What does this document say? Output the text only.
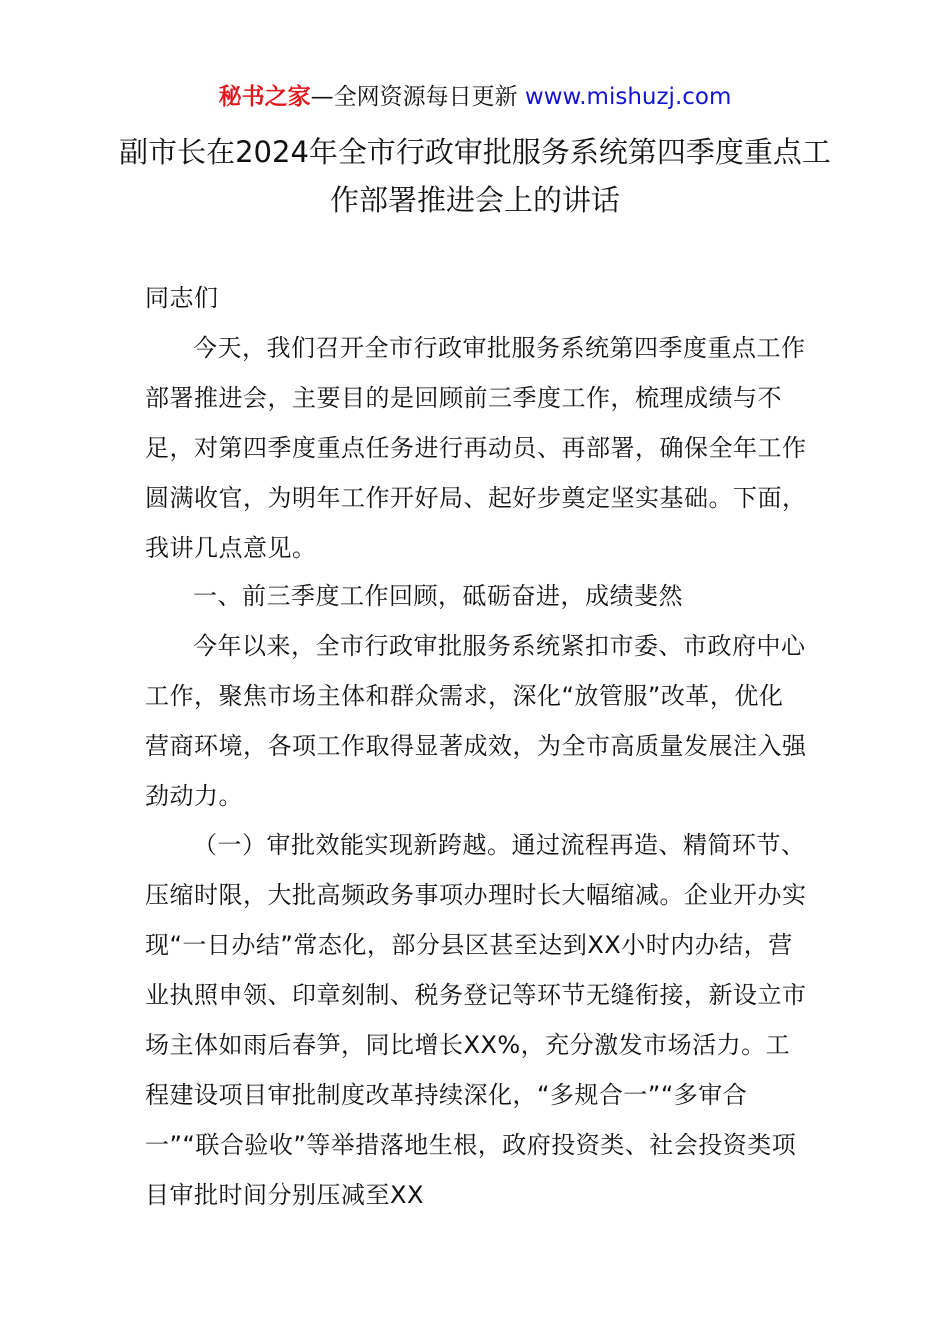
秘书之家—全网资源每日更新 www.mishuzj.com
副市长在2024年全市行政审批服务系统第四季度重点工作部署推进会上的讲话
同志们

今天，我们召开全市行政审批服务系统第四季度重点工作部署推进会，主要目的是回顾前三季度工作，梳理成绩与不足，对第四季度重点任务进行再动员、再部署，确保全年工作圆满收官，为明年工作开好局、起好步奠定坚实基础。下面，我讲几点意见。

一、前三季度工作回顾，砥砺奋进，成绩斐然

今年以来，全市行政审批服务系统紧扣市委、市政府中心工作，聚焦市场主体和群众需求，深化“放管服”改革，优化营商环境，各项工作取得显著成效，为全市高质量发展注入强劲动力。

（一）审批效能实现新跨越。通过流程再造、精简环节、压缩时限，大批高频政务事项办理时长大幅缩减。企业开办实现“一日办结”常态化，部分县区甚至达到XX小时内办结，营业执照申领、印章刻制、税务登记等环节无缝衔接，新设立市场主体如雨后春笋，同比增长XX%，充分激发市场活力。工程建设项目审批制度改革持续深化，“多规合一”“多审合一”“联合验收”等举措落地生根，政府投资类、社会投资类项目审批时间分别压减至XX
